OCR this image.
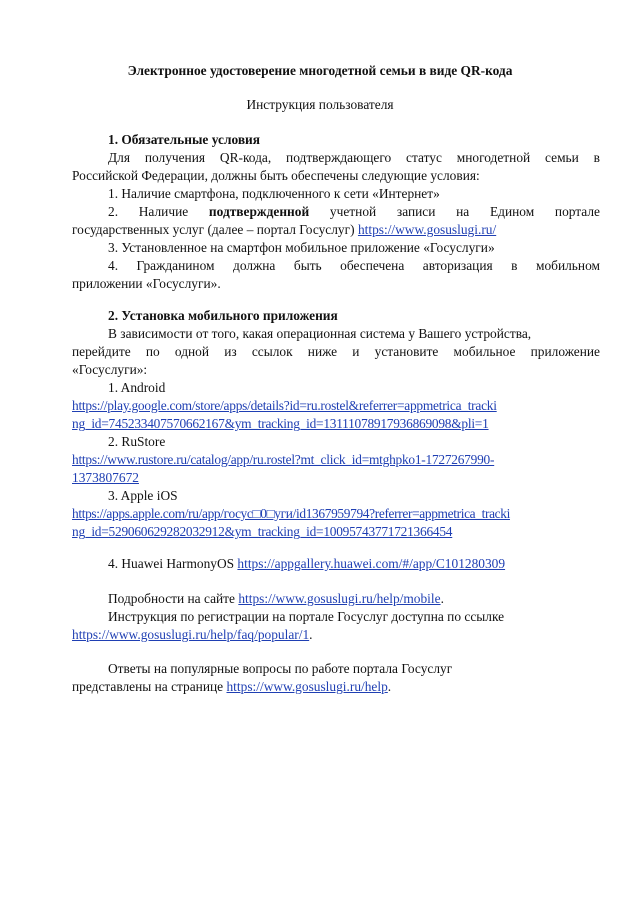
Электронное удостоверение многодетной семьи в виде QR-кода
Инструкция пользователя
1. Обязательные условия
Для получения QR-кода, подтверждающего статус многодетной семьи в
Российской Федерации, должны быть обеспечены следующие условия:
1. Наличие смартфона, подключенного к сети «Интернет»
2. Наличие подтвержденной учетной записи на Едином портале
государственных услуг (далее – портал Госуслуг) https://www.gosuslugi.ru/
3. Установленное на смартфон мобильное приложение «Госуслуги»
4. Гражданином должна быть обеспечена авторизация в мобильном
приложении «Госуслуги».
2. Установка мобильного приложения
В зависимости от того, какая операционная система у Вашего устройства,
перейдите по одной из ссылок ниже и установите мобильное приложение
«Госуслуги»:
1. Android
https://play.google.com/store/apps/details?id=ru.rostel&referrer=appmetrica_tracki
ng_id=745233407570662167&ym_tracking_id=13111078917936869098&pli=1
2. RuStore
https://www.rustore.ru/catalog/app/ru.rostel?mt_click_id=mtghpko1-1727267990-
1373807672
3. Apple iOS
https://apps.apple.com/ru/app/госус□0□уги/id1367959794?referrer=appmetrica_tracki
ng_id=529060629282032912&ym_tracking_id=10095743771721366454
4. Huawei HarmonyOS https://appgallery.huawei.com/#/app/C101280309
Подробности на сайте https://www.gosuslugi.ru/help/mobile.
Инструкция по регистрации на портале Госуслуг доступна по ссылке
https://www.gosuslugi.ru/help/faq/popular/1.
Ответы на популярные вопросы по работе портала Госуслуг
представлены на странице https://www.gosuslugi.ru/help.
